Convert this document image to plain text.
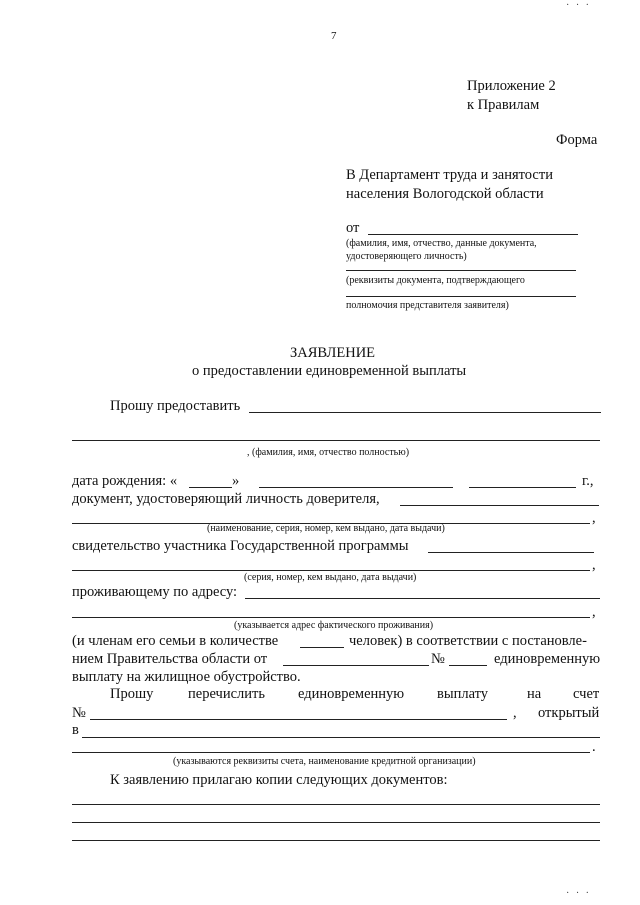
7
· · ·
Приложение 2
к Правилам
Форма
В Департамент труда и занятости
населения Вологодской области
от
(фамилия, имя, отчество, данные документа,
удостоверяющего личность)
(реквизиты документа, подтверждающего
полномочия представителя заявителя)
ЗАЯВЛЕНИЕ
о предоставлении единовременной выплаты
Прошу предоставить
, (фамилия, имя, отчество полностью)
дата рождения: «	»	г.,
документ, удостоверяющий личность доверителя,
,
(наименование, серия, номер, кем выдано, дата выдачи)
свидетельство участника Государственной программы
,
(серия, номер, кем выдано, дата выдачи)
проживающему по адресу:
(указывается адрес фактического проживания)
,
(и членам его семьи в количестве	человек) в соответствии с постановле-
нием Правительства области от	№	единовременную
выплату на жилищное обустройство.
Прошу перечислить единовременную выплату	на счет
№	, открытый
в
.
(указываются реквизиты счета, наименование кредитной организации)
К заявлению прилагаю копии следующих документов:
· · ·
